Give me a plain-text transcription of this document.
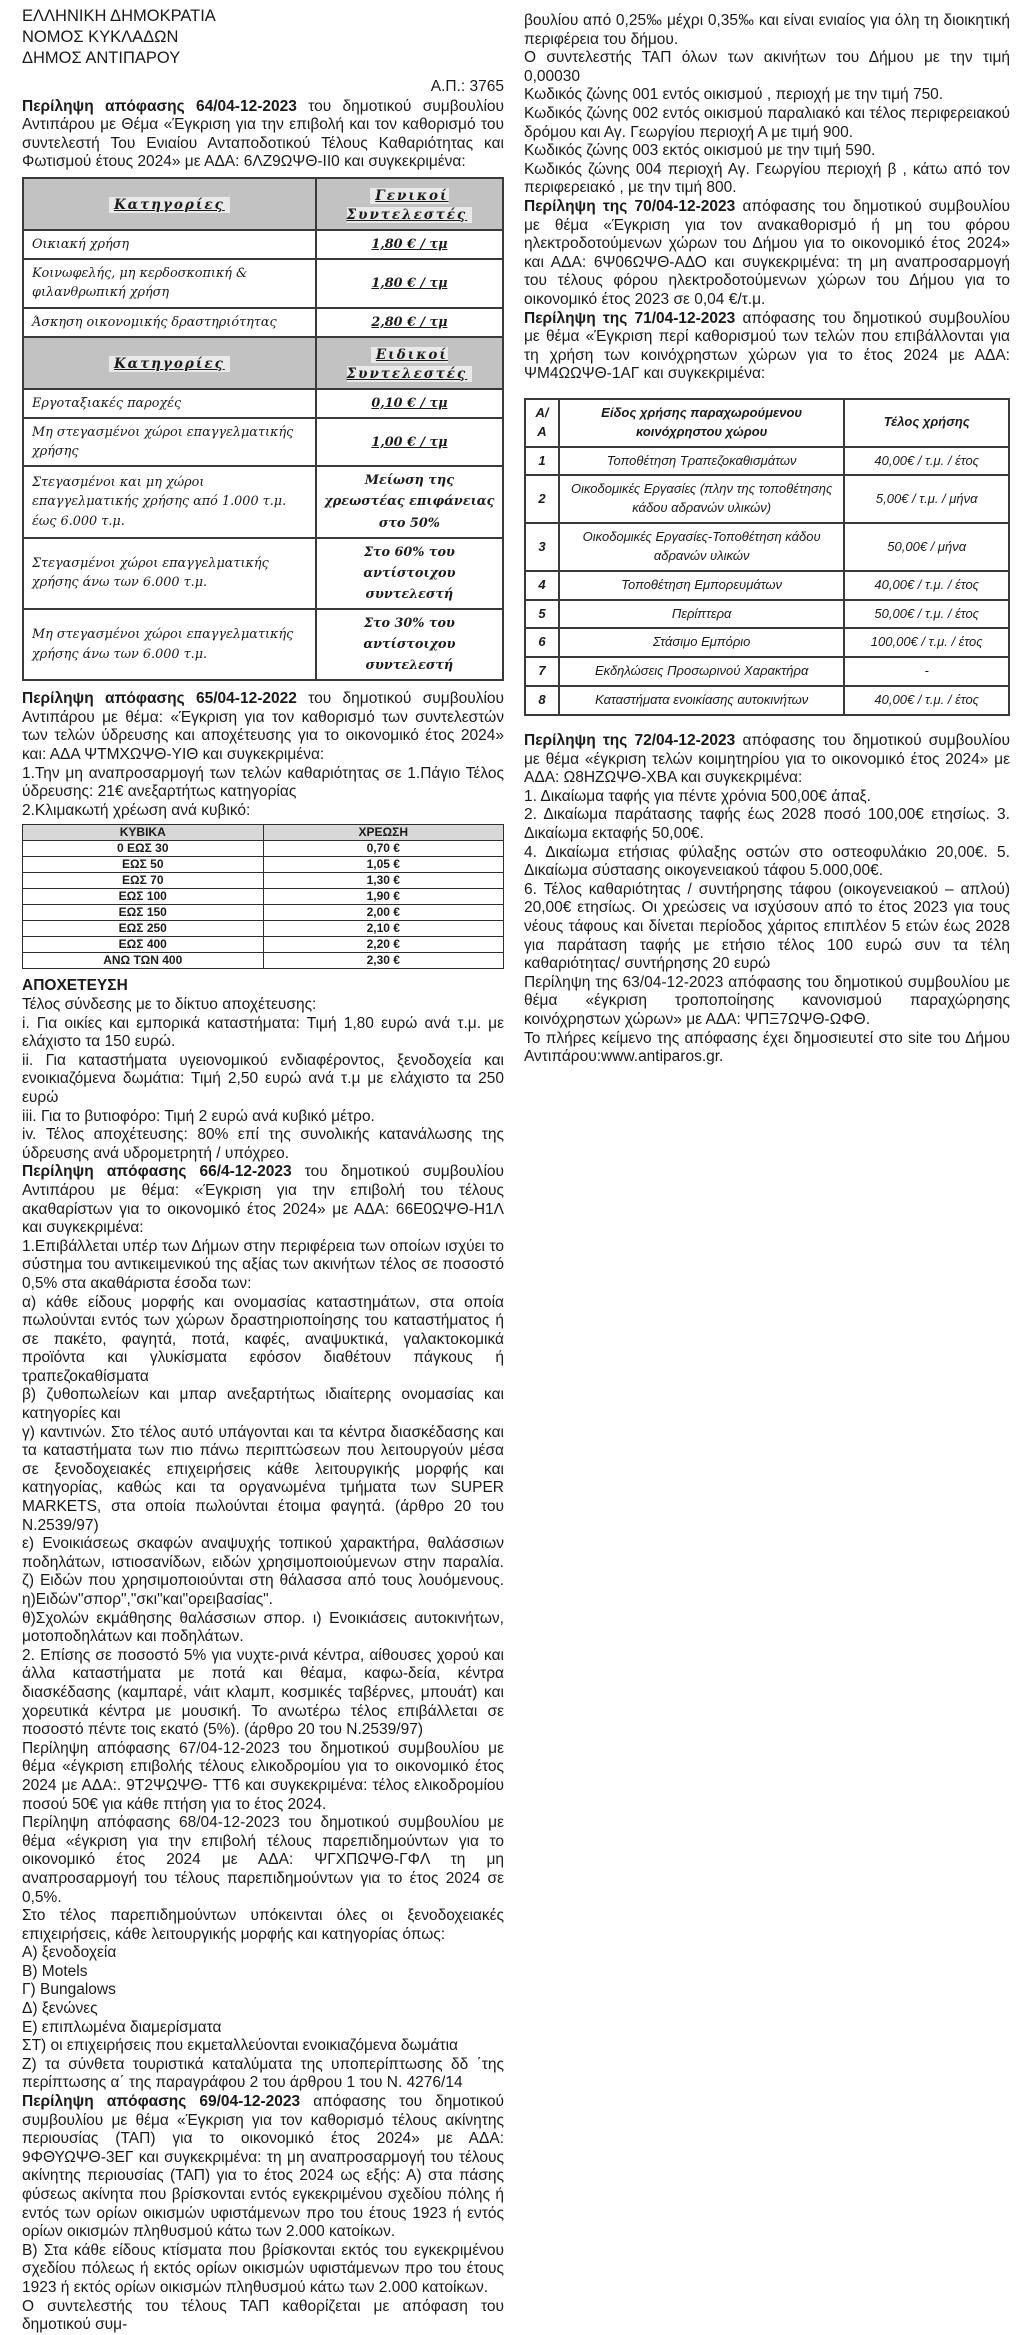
ΕΛΛΗΝΙΚΗ ΔΗΜΟΚΡΑΤΙΑ

ΝΟΜΟΣ ΚΥΚΛΑΔΩΝ

ΔΗΜΟΣ ΑΝΤΙΠΑΡΟΥ

Α.Π.: 3765

Περίληψη απόφασης 64/04-12-2023 του δημοτικού συμβουλίου Αντιπάρου με Θέμα «Έγκριση για την επιβολή και τον καθορισμό του συντελεστή Του Ενιαίου Ανταποδοτικού Τέλους Καθαριότητας και Φωτισμού έτους 2024» με ΑΔΑ: 6ΛΖ9ΩΨΘ-ΙΙ0 και συγκεκριμένα:

Κατηγορίες	Γενικοί Συντελεστές
Οικιακή χρήση	1,80 € / τμ
Κοινωφελής, μη κερδοσκοπική & φιλανθρωπική χρήση	1,80 € / τμ
Άσκηση οικονομικής δραστηριότητας	2,80 € / τμ
Κατηγορίες	Ειδικοί Συντελεστές
Εργοταξιακές παροχές	0,10 € / τμ
Μη στεγασμένοι χώροι επαγγελματικής χρήσης	1,00 € / τμ
Στεγασμένοι και μη χώροι επαγγελματικής χρήσης από 1.000 τ.μ. έως 6.000 τ.μ.	Μείωση της χρεωστέας επιφάνειας στο 50%
Στεγασμένοι χώροι επαγγελματικής χρήσης άνω των 6.000 τ.μ.	Στο 60% του αντίστοιχου συντελεστή
Μη στεγασμένοι χώροι επαγγελματικής χρήσης άνω των 6.000 τ.μ.	Στο 30% του αντίστοιχου συντελεστή

Περίληψη απόφασης 65/04-12-2022 του δημοτικού συμβουλίου Αντιπάρου με θέμα: «Έγκριση για τον καθορισμό των συντελεστών των τελών ύδρευσης και αποχέτευσης για το οικονομικό έτος 2024» και: ΑΔΑ ΨΤΜΧΩΨΘ-ΥΙΘ και συγκεκριμένα:

1.Την μη αναπροσαρμογή των τελών καθαριότητας σε 1.Πάγιο Τέλος ύδρευσης: 21€ ανεξαρτήτως κατηγορίας

2.Κλιμακωτή χρέωση ανά κυβικό:

ΚΥΒΙΚΑ	ΧΡΕΩΣΗ
0 ΕΩΣ 30	0,70 €
ΕΩΣ 50	1,05 €
ΕΩΣ 70	1,30 €
ΕΩΣ 100	1,90 €
ΕΩΣ 150	2,00 €
ΕΩΣ 250	2,10 €
ΕΩΣ 400	2,20 €
ΑΝΩ ΤΩΝ 400	2,30 €

ΑΠΟΧΕΤΕΥΣΗ

Τέλος σύνδεσης με το δίκτυο αποχέτευσης:

i. Για οικίες και εμπορικά καταστήματα: Τιμή 1,80 ευρώ ανά τ.μ. με ελάχιστο τα 150 ευρώ.

ii. Για καταστήματα υγειονομικού ενδιαφέροντος, ξενοδοχεία και ενοικιαζόμενα δωμάτια: Τιμή 2,50 ευρώ ανά τ.μ με ελάχιστο τα 250 ευρώ

iii. Για το βυτιοφόρο: Τιμή 2 ευρώ ανά κυβικό μέτρο.

iv. Τέλος αποχέτευσης: 80% επί της συνολικής κατανάλωσης της ύδρευσης ανά υδρομετρητή / υπόχρεο.

Περίληψη απόφασης 66/4-12-2023 του δημοτικού συμβουλίου Αντιπάρου με θέμα: «Έγκριση για την επιβολή του τέλους ακαθαρίστων για το οικονομικό έτος 2024» με ΑΔΑ: 66Ε0ΩΨΘ-Η1Λ και συγκεκριμένα:

1.Επιβάλλεται υπέρ των Δήμων στην περιφέρεια των οποίων ισχύει το σύστημα του αντικειμενικού της αξίας των ακινήτων τέλος σε ποσοστό 0,5% στα ακαθάριστα έσοδα των:

α) κάθε είδους μορφής και ονομασίας καταστημάτων, στα οποία πωλούνται εντός των χώρων δραστηριοποίησης του καταστήματος ή σε πακέτο, φαγητά, ποτά, καφές, αναψυκτικά, γαλακτοκομικά προϊόντα και γλυκίσματα εφόσον διαθέτουν πάγκους ή τραπεζοκαθίσματα

β) ζυθοπωλείων και μπαρ ανεξαρτήτως ιδιαίτερης ονομασίας και κατηγορίες και

γ) καντινών. Στο τέλος αυτό υπάγονται και τα κέντρα διασκέδασης και τα καταστήματα των πιο πάνω περιπτώσεων που λειτουργούν μέσα σε ξενοδοχειακές επιχειρήσεις κάθε λειτουργικής μορφής και κατηγορίας, καθώς και τα οργανωμένα τμήματα των SUPER MARKETS, στα οποία πωλούνται έτοιμα φαγητά. (άρθρο 20 του Ν.2539/97)

ε) Ενοικιάσεως σκαφών αναψυχής τοπικού χαρακτήρα, θαλάσσιων ποδηλάτων, ιστιοσανίδων, ειδών χρησιμοποιούμενων στην παραλία. ζ) Ειδών που χρησιμοποιούνται στη θάλασσα από τους λουόμενους. η)Ειδών"σπορ","σκι"και"ορειβασίας".

θ)Σχολών εκμάθησης θαλάσσιων σπορ. ι) Ενοικιάσεις αυτοκινήτων, μοτοποδηλάτων και ποδηλάτων.

2. Επίσης σε ποσοστό 5% για νυχτε-ρινά κέντρα, αίθουσες χορού και άλλα καταστήματα με ποτά και θέαμα, καφω-δεία, κέντρα διασκέδασης (καμπαρέ, νάιτ κλαμπ, κοσμικές ταβέρνες, μπουάτ) και χορευτικά κέντρα με μουσική. Το ανωτέρω τέλος επιβάλλεται σε ποσοστό πέντε τοις εκατό (5%). (άρθρο 20 του Ν.2539/97)

Περίληψη απόφασης 67/04-12-2023 του δημοτικού συμβουλίου με θέμα «έγκριση επιβολής τέλους ελικοδρομίου για το οικονομικό έτος 2024 με ΑΔΑ:. 9Τ2ΨΩΨΘ- ΤΤ6 και συγκεκριμένα: τέλος ελικοδρομίου ποσού 50€ για κάθε πτήση για το έτος 2024.

Περίληψη απόφασης 68/04-12-2023 του δημοτικού συμβουλίου με θέμα «έγκριση για την επιβολή τέλους παρεπιδημούντων για το οικονομικό έτος 2024 με ΑΔΑ: ΨΓΧΠΩΨΘ-ΓΦΛ τη μη αναπροσαρμογή του τέλους παρεπιδημούντων για το έτος 2024 σε 0,5%.

Στο τέλος παρεπιδημούντων υπόκεινται όλες οι ξενοδοχειακές επιχειρήσεις, κάθε λειτουργικής μορφής και κατηγορίας όπως:

Α) ξενοδοχεία

Β) Motels

Γ) Bungalows

Δ) ξενώνες

Ε) επιπλωμένα διαμερίσματα

ΣΤ) οι επιχειρήσεις που εκμεταλλεύονται ενοικιαζόμενα δωμάτια

Ζ) τα σύνθετα τουριστικά καταλύματα της υποπερίπτωσης δδ ΄της περίπτωσης α΄ της παραγράφου 2 του άρθρου 1 του Ν. 4276/14

Περίληψη απόφασης 69/04-12-2023 απόφασης του δημοτικού συμβουλίου με θέμα «Έγκριση για τον καθορισμό τέλους ακίνητης περιουσίας (ΤΑΠ) για το οικονομικό έτος 2024» με ΑΔΑ: 9ΦΘΥΩΨΘ-3ΕΓ και συγκεκριμένα: τη μη αναπροσαρμογή του τέλους ακίνητης περιουσίας (ΤΑΠ) για το έτος 2024 ως εξής: Α) στα πάσης φύσεως ακίνητα που βρίσκονται εντός εγκεκριμένου σχεδίου πόλης ή εντός των ορίων οικισμών υφιστάμενων προ του έτους 1923 ή εντός ορίων οικισμών πληθυσμού κάτω των 2.000 κατοίκων.

Β) Στα κάθε είδους κτίσματα που βρίσκονται εκτός του εγκεκριμένου σχεδίου πόλεως ή εκτός ορίων οικισμών υφιστάμενων προ του έτους 1923 ή εκτός ορίων οικισμών πληθυσμού κάτω των 2.000 κατοίκων.

Ο συντελεστής του τέλους ΤΑΠ καθορίζεται με απόφαση του δημοτικού συμ-

βουλίου από 0,25‰ μέχρι 0,35‰ και είναι ενιαίος για όλη τη διοικητική περιφέρεια του δήμου.

Ο συντελεστής ΤΑΠ όλων των ακινήτων του Δήμου με την τιμή 0,00030

Κωδικός ζώνης 001 εντός οικισμού , περιοχή με την τιμή 750.

Κωδικός ζώνης 002 εντός οικισμού παραλιακό και τέλος περιφερειακού δρόμου και Αγ. Γεωργίου περιοχή Α με τιμή 900.

Κωδικός ζώνης 003 εκτός οικισμού με την τιμή 590.

Κωδικός ζώνης 004 περιοχή Αγ. Γεωργίου περιοχή β , κάτω από τον περιφερειακό , με την τιμή 800.

Περίληψη της 70/04-12-2023 απόφασης του δημοτικού συμβουλίου με θέμα «Έγκριση για τον ανακαθορισμό ή μη του φόρου ηλεκτροδοτούμενων χώρων του Δήμου για το οικονομικό έτος 2024» και ΑΔΑ: 6Ψ06ΩΨΘ-ΑΔΟ και συγκεκριμένα: τη μη αναπροσαρμογή του τέλους φόρου ηλεκτροδοτούμενων χώρων του Δήμου για το οικονομικό έτος 2023 σε 0,04 €/τ.μ.

Περίληψη της 71/04-12-2023 απόφασης του δημοτικού συμβουλίου με θέμα «Έγκριση περί καθορισμού των τελών που επιβάλλονται για τη χρήση των κοινόχρηστων χώρων για το έτος 2024 με ΑΔΑ: ΨΜ4ΩΩΨΘ-1ΑΓ και συγκεκριμένα:

Α/Α	Είδος χρήσης παραχωρούμενου κοινόχρηστου χώρου	Τέλος χρήσης
1	Τοποθέτηση Τραπεζοκαθισμάτων	40,00€ / τ.μ. / έτος
2	Οικοδομικές Εργασίες (πλην της τοποθέτησης κάδου αδρανών υλικών)	5,00€ / τ.μ. / μήνα
3	Οικοδομικές Εργασίες-Τοποθέτηση κάδου αδρανών υλικών	50,00€ / μήνα
4	Τοποθέτηση Εμπορευμάτων	40,00€ / τ.μ. / έτος
5	Περίπτερα	50,00€ / τ.μ. / έτος
6	Στάσιμο Εμπόριο	100,00€ / τ.μ. / έτος
7	Εκδηλώσεις Προσωρινού Χαρακτήρα	-
8	Καταστήματα ενοικίασης αυτοκινήτων	40,00€ / τ.μ. / έτος

Περίληψη της 72/04-12-2023 απόφασης του δημοτικού συμβουλίου με θέμα «έγκριση τελών κοιμητηρίου για το οικονομικό έτος 2024» με ΑΔΑ: Ω8ΗΖΩΨΘ-ΧΒΑ και συγκεκριμένα:

1. Δικαίωμα ταφής για πέντε χρόνια 500,00€ άπαξ.

2. Δικαίωμα παράτασης ταφής έως 2028 ποσό 100,00€ ετησίως. 3. Δικαίωμα εκταφής 50,00€.

4. Δικαίωμα ετήσιας φύλαξης οστών στο οστεοφυλάκιο 20,00€. 5. Δικαίωμα σύστασης οικογενειακού τάφου 5.000,00€.

6. Τέλος καθαριότητας / συντήρησης τάφου (οικογενειακού – απλού) 20,00€ ετησίως. Οι χρεώσεις να ισχύσουν από το έτος 2023 για τους νέους τάφους και δίνεται περίοδος χάριτος επιπλέον 5 ετών έως 2028 για παράταση ταφής με ετήσιο τέλος 100 ευρώ συν τα τέλη καθαριότητας/ συντήρησης 20 ευρώ

Περίληψη της 63/04-12-2023 απόφασης του δημοτικού συμβουλίου με θέμα «έγκριση τροποποίησης κανονισμού παραχώρησης κοινόχρηστων χώρων» με ΑΔΑ: ΨΠΞ7ΩΨΘ-ΩΦΘ.

Το πλήρες κείμενο της απόφασης έχει δημοσιευτεί στο site του Δήμου Αντιπάρου:www.antiparos.gr.
